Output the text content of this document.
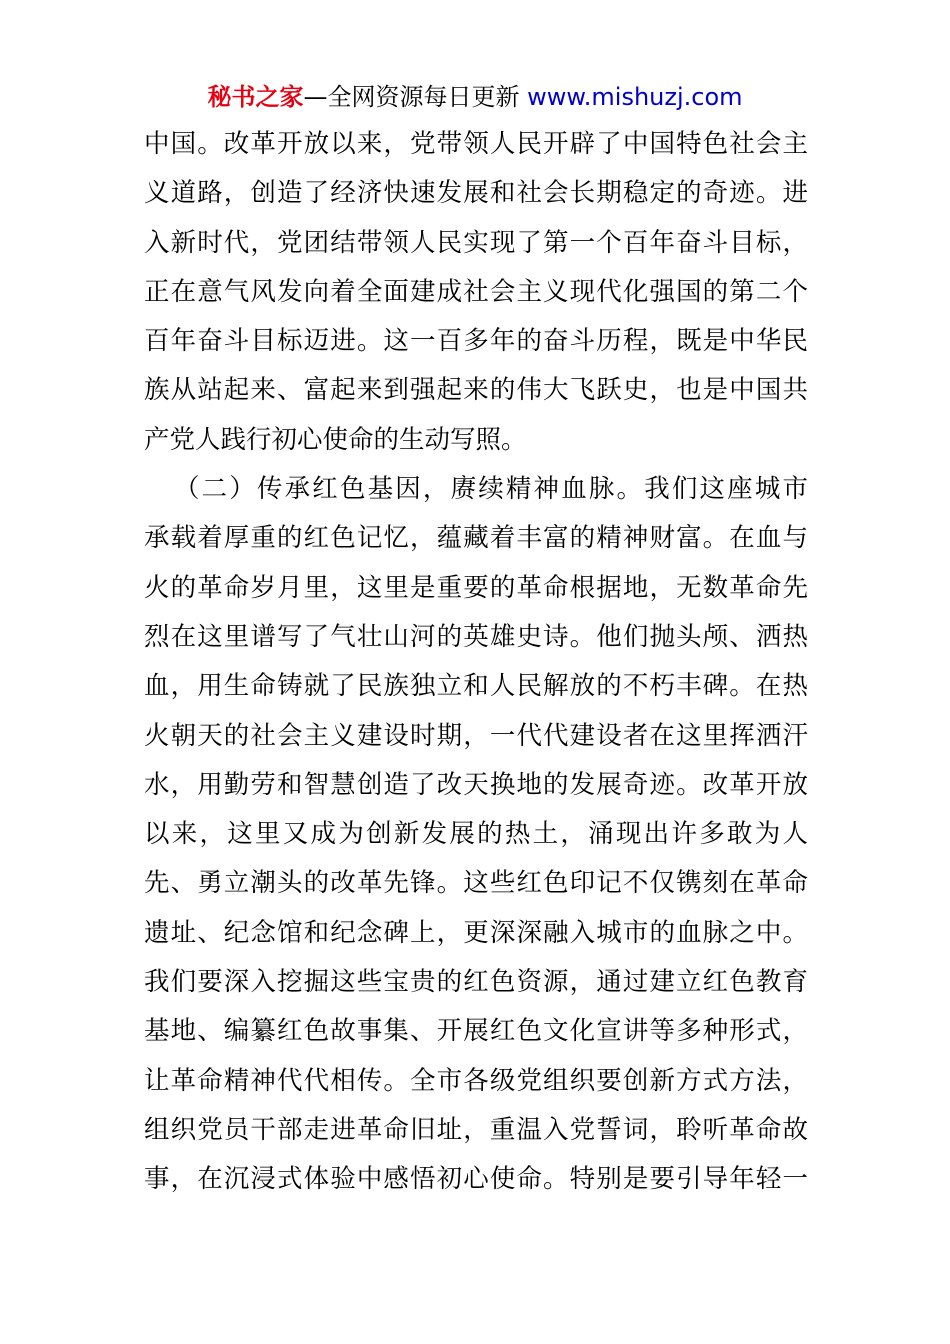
秘书之家—全网资源每日更新 www.mishuzj.com
中国。改革开放以来，党带领人民开辟了中国特色社会主
义道路，创造了经济快速发展和社会长期稳定的奇迹。进
入新时代，党团结带领人民实现了第一个百年奋斗目标，
正在意气风发向着全面建成社会主义现代化强国的第二个
百年奋斗目标迈进。这一百多年的奋斗历程，既是中华民
族从站起来、富起来到强起来的伟大飞跃史，也是中国共
产党人践行初心使命的生动写照。
（二）传承红色基因，赓续精神血脉。我们这座城市
承载着厚重的红色记忆，蕴藏着丰富的精神财富。在血与
火的革命岁月里，这里是重要的革命根据地，无数革命先
烈在这里谱写了气壮山河的英雄史诗。他们抛头颅、洒热
血，用生命铸就了民族独立和人民解放的不朽丰碑。在热
火朝天的社会主义建设时期，一代代建设者在这里挥洒汗
水，用勤劳和智慧创造了改天换地的发展奇迹。改革开放
以来，这里又成为创新发展的热土，涌现出许多敢为人
先、勇立潮头的改革先锋。这些红色印记不仅镌刻在革命
遗址、纪念馆和纪念碑上，更深深融入城市的血脉之中。
我们要深入挖掘这些宝贵的红色资源，通过建立红色教育
基地、编纂红色故事集、开展红色文化宣讲等多种形式，
让革命精神代代相传。全市各级党组织要创新方式方法，
组织党员干部走进革命旧址，重温入党誓词，聆听革命故
事，在沉浸式体验中感悟初心使命。特别是要引导年轻一
